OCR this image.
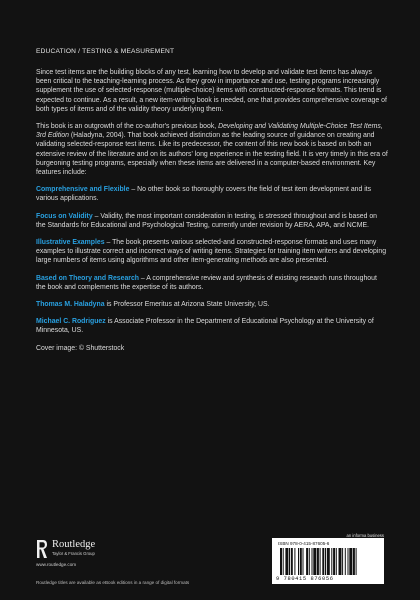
EDUCATION / TESTING & MEASUREMENT

Since test items are the building blocks of any test, learning how to develop and validate test items has always been critical to the teaching-learning process. As they grow in importance and use, testing programs increasingly supplement the use of selected-response (multiple-choice) items with constructed-response formats. This trend is expected to continue. As a result, a new item-writing book is needed, one that provides comprehensive coverage of both types of items and of the validity theory underlying them.

This book is an outgrowth of the co-author's previous book, Developing and Validating Multiple-Choice Test Items, 3rd Edition (Haladyna, 2004). That book achieved distinction as the leading source of guidance on creating and validating selected-response test items. Like its predecessor, the content of this new book is based on both an extensive review of the literature and on its authors' long experience in the testing field. It is very timely in this era of burgeoning testing programs, especially when these items are delivered in a computer-based environment. Key features include:

Comprehensive and Flexible – No other book so thoroughly covers the field of test item development and its various applications.

Focus on Validity – Validity, the most important consideration in testing, is stressed throughout and is based on the Standards for Educational and Psychological Testing, currently under revision by AERA, APA, and NCME.

Illustrative Examples – The book presents various selected-and constructed-response formats and uses many examples to illustrate correct and incorrect ways of writing items. Strategies for training item writers and developing large numbers of items using algorithms and other item-generating methods are also presented.

Based on Theory and Research – A comprehensive review and synthesis of existing research runs throughout the book and complements the expertise of its authors.

Thomas M. Haladyna is Professor Emeritus at Arizona State University, US.

Michael C. Rodriguez is Associate Professor in the Department of Educational Psychology at the University of Minnesota, US.

Cover image: © Shutterstock

Routledge
Taylor & Francis Group
www.routledge.com
Routledge titles are available as eBook editions in a range of digital formats
an informa business
ISBN 978-0-415-87605-6
9 780415 876056
